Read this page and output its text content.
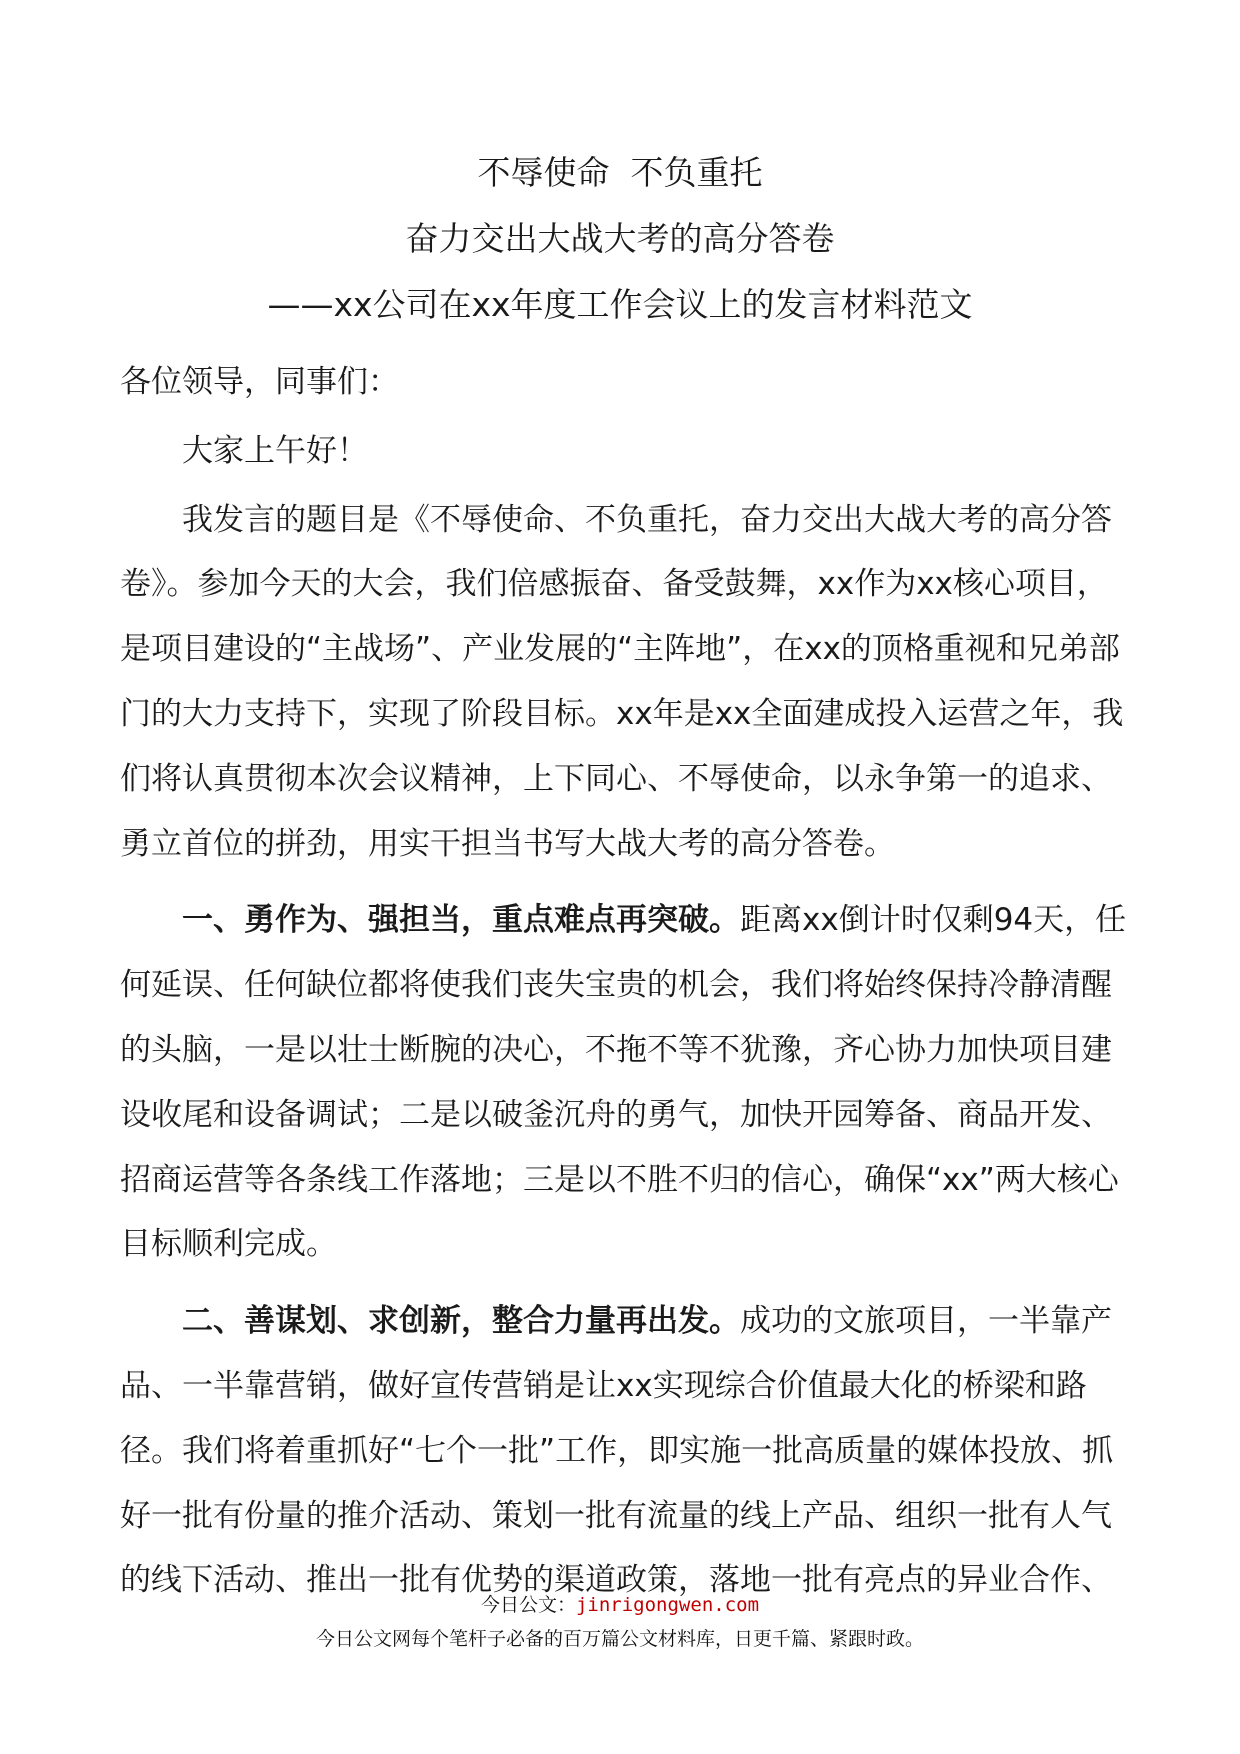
不辱使命  不负重托
奋力交出大战大考的高分答卷
——xx公司在xx年度工作会议上的发言材料范文

各位领导，同事们：

大家上午好！

我发言的题目是《不辱使命、不负重托，奋力交出大战大考的高分答卷》。参加今天的大会，我们倍感振奋、备受鼓舞，xx作为xx核心项目，是项目建设的“主战场”、产业发展的“主阵地”，在xx的顶格重视和兄弟部门的大力支持下，实现了阶段目标。xx年是xx全面建成投入运营之年，我们将认真贯彻本次会议精神，上下同心、不辱使命，以永争第一的追求、勇立首位的拼劲，用实干担当书写大战大考的高分答卷。

一、勇作为、强担当，重点难点再突破。距离xx倒计时仅剩94天，任何延误、任何缺位都将使我们丧失宝贵的机会，我们将始终保持冷静清醒的头脑，一是以壮士断腕的决心，不拖不等不犹豫，齐心协力加快项目建设收尾和设备调试；二是以破釜沉舟的勇气，加快开园筹备、商品开发、招商运营等各条线工作落地；三是以不胜不归的信心，确保“xx”两大核心目标顺利完成。

二、善谋划、求创新，整合力量再出发。成功的文旅项目，一半靠产品、一半靠营销，做好宣传营销是让xx实现综合价值最大化的桥梁和路径。我们将着重抓好“七个一批”工作，即实施一批高质量的媒体投放、抓好一批有份量的推介活动、策划一批有流量的线上产品、组织一批有人气的线下活动、推出一批有优势的渠道政策，落地一批有亮点的异业合作、

今日公文：jinrigongwen.com
今日公文网每个笔杆子必备的百万篇公文材料库，日更千篇、紧跟时政。
